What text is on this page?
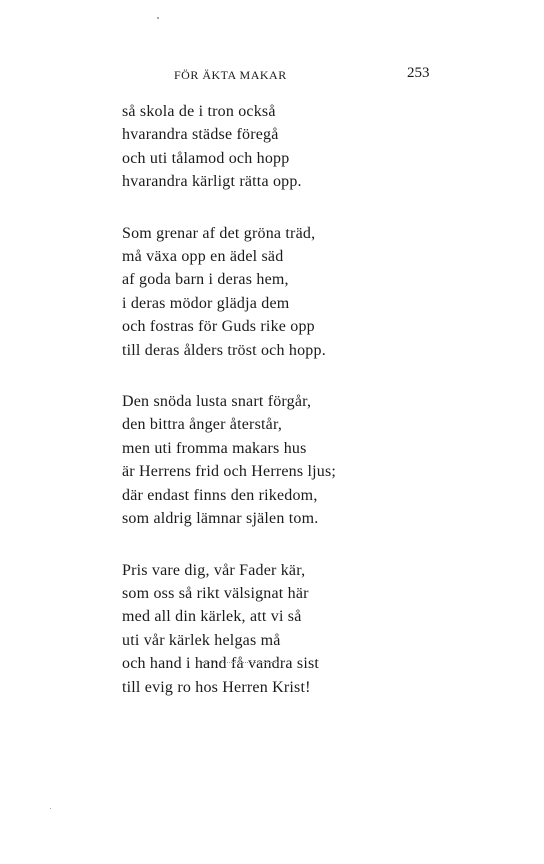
FÖR ÄKTA MAKAR	253
så skola de i tron också
hvarandra städse föregå
och uti tålamod och hopp
hvarandra kärligt rätta opp.
Som grenar af det gröna träd,
må växa opp en ädel säd
af goda barn i deras hem,
i deras mödor glädja dem
och fostras för Guds rike opp
till deras ålders tröst och hopp.
Den snöda lusta snart förgår,
den bittra ånger återstår,
men uti fromma makars hus
är Herrens frid och Herrens ljus;
där endast finns den rikedom,
som aldrig lämnar själen tom.
Pris vare dig, vår Fader kär,
som oss så rikt välsignat här
med all din kärlek, att vi så
uti vår kärlek helgas må
och hand i hand få vandra sist
till evig ro hos Herren Krist!
